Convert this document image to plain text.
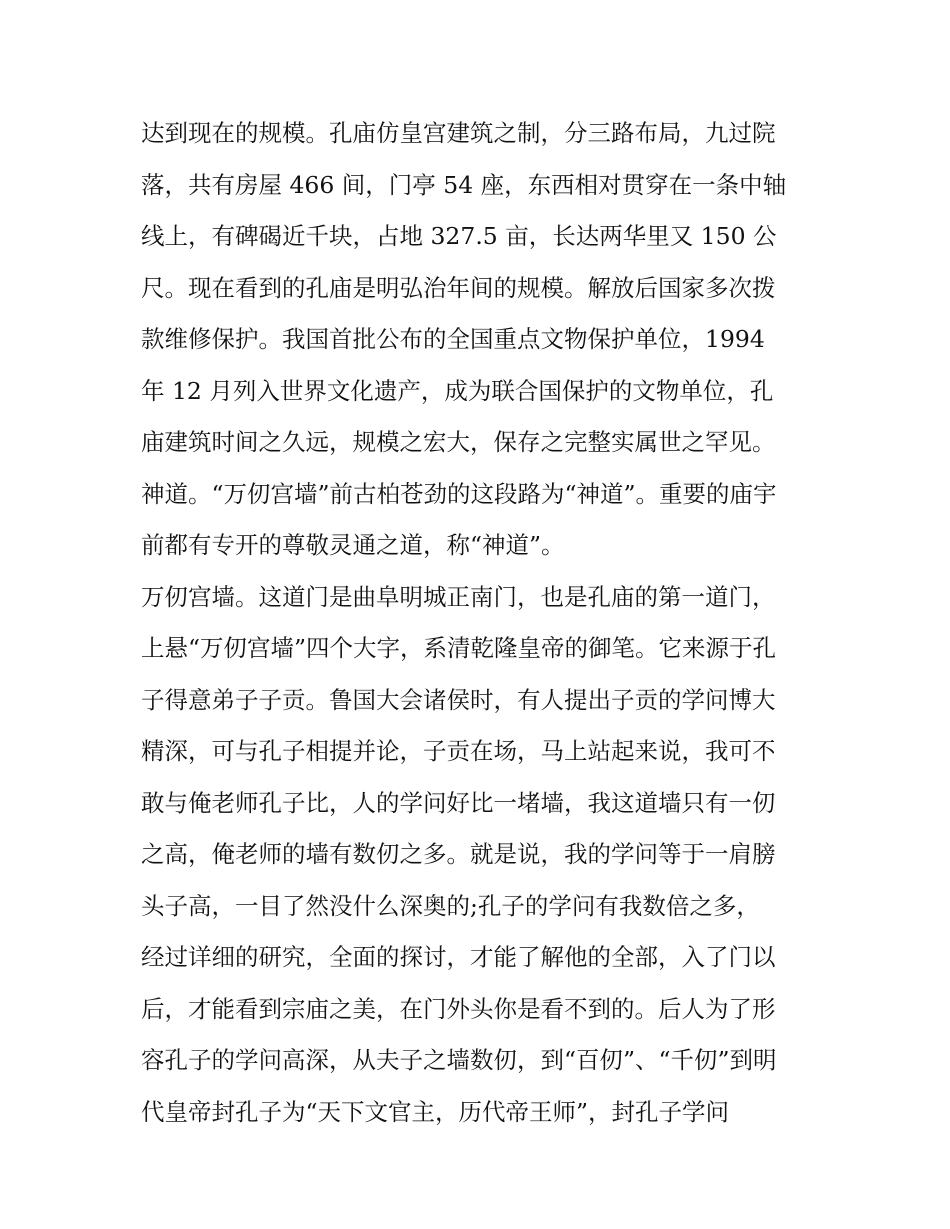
达到现在的规模。孔庙仿皇宫建筑之制，分三路布局，九过院
落，共有房屋 466 间，门亭 54 座，东西相对贯穿在一条中轴
线上，有碑碣近千块，占地 327.5 亩，长达两华里又 150 公
尺。现在看到的孔庙是明弘治年间的规模。解放后国家多次拨
款维修保护。我国首批公布的全国重点文物保护单位，1994
年 12 月列入世界文化遗产，成为联合国保护的文物单位，孔
庙建筑时间之久远，规模之宏大，保存之完整实属世之罕见。
神道。“万仞宫墙”前古柏苍劲的这段路为“神道”。重要的庙宇
前都有专开的尊敬灵通之道，称“神道”。
万仞宫墙。这道门是曲阜明城正南门，也是孔庙的第一道门，
上悬“万仞宫墙”四个大字，系清乾隆皇帝的御笔。它来源于孔
子得意弟子子贡。鲁国大会诸侯时，有人提出子贡的学问博大
精深，可与孔子相提并论，子贡在场，马上站起来说，我可不
敢与俺老师孔子比，人的学问好比一堵墙，我这道墙只有一仞
之高，俺老师的墙有数仞之多。就是说，我的学问等于一肩膀
头子高，一目了然没什么深奥的;孔子的学问有我数倍之多，
经过详细的研究，全面的探讨，才能了解他的全部，入了门以
后，才能看到宗庙之美，在门外头你是看不到的。后人为了形
容孔子的学问高深，从夫子之墙数仞，到“百仞”、“千仞”到明
代皇帝封孔子为“天下文官主，历代帝王师”，封孔子学问
